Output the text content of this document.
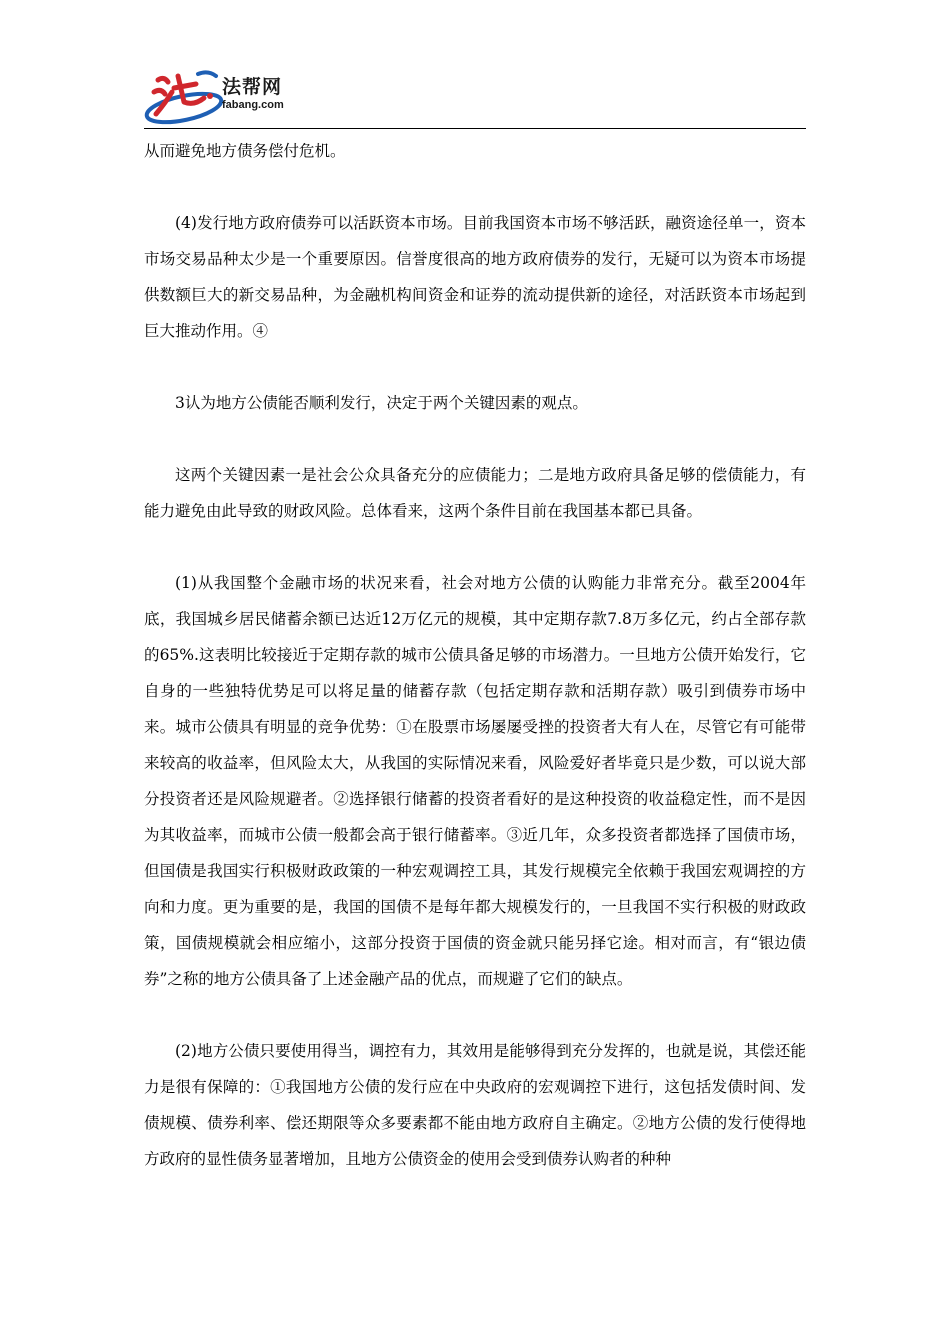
法帮网
fabang.com

从而避免地方债务偿付危机。

(4)发行地方政府债券可以活跃资本市场。目前我国资本市场不够活跃，融资途径单一，资本市场交易品种太少是一个重要原因。信誉度很高的地方政府债券的发行，无疑可以为资本市场提供数额巨大的新交易品种，为金融机构间资金和证券的流动提供新的途径，对活跃资本市场起到巨大推动作用。④

3认为地方公债能否顺利发行，决定于两个关键因素的观点。

这两个关键因素一是社会公众具备充分的应债能力；二是地方政府具备足够的偿债能力，有能力避免由此导致的财政风险。总体看来，这两个条件目前在我国基本都已具备。

(1)从我国整个金融市场的状况来看，社会对地方公债的认购能力非常充分。截至2004年底，我国城乡居民储蓄余额已达近12万亿元的规模，其中定期存款7.8万多亿元，约占全部存款的65%.这表明比较接近于定期存款的城市公债具备足够的市场潜力。一旦地方公债开始发行，它自身的一些独特优势足可以将足量的储蓄存款（包括定期存款和活期存款）吸引到债券市场中来。城市公债具有明显的竞争优势：①在股票市场屡屡受挫的投资者大有人在，尽管它有可能带来较高的收益率，但风险太大，从我国的实际情况来看，风险爱好者毕竟只是少数，可以说大部分投资者还是风险规避者。②选择银行储蓄的投资者看好的是这种投资的收益稳定性，而不是因为其收益率，而城市公债一般都会高于银行储蓄率。③近几年，众多投资者都选择了国债市场，但国债是我国实行积极财政政策的一种宏观调控工具，其发行规模完全依赖于我国宏观调控的方向和力度。更为重要的是，我国的国债不是每年都大规模发行的，一旦我国不实行积极的财政政策，国债规模就会相应缩小，这部分投资于国债的资金就只能另择它途。相对而言，有“银边债券”之称的地方公债具备了上述金融产品的优点，而规避了它们的缺点。

(2)地方公债只要使用得当，调控有力，其效用是能够得到充分发挥的，也就是说，其偿还能力是很有保障的：①我国地方公债的发行应在中央政府的宏观调控下进行，这包括发债时间、发债规模、债券利率、偿还期限等众多要素都不能由地方政府自主确定。②地方公债的发行使得地方政府的显性债务显著增加，且地方公债资金的使用会受到债券认购者的种种
